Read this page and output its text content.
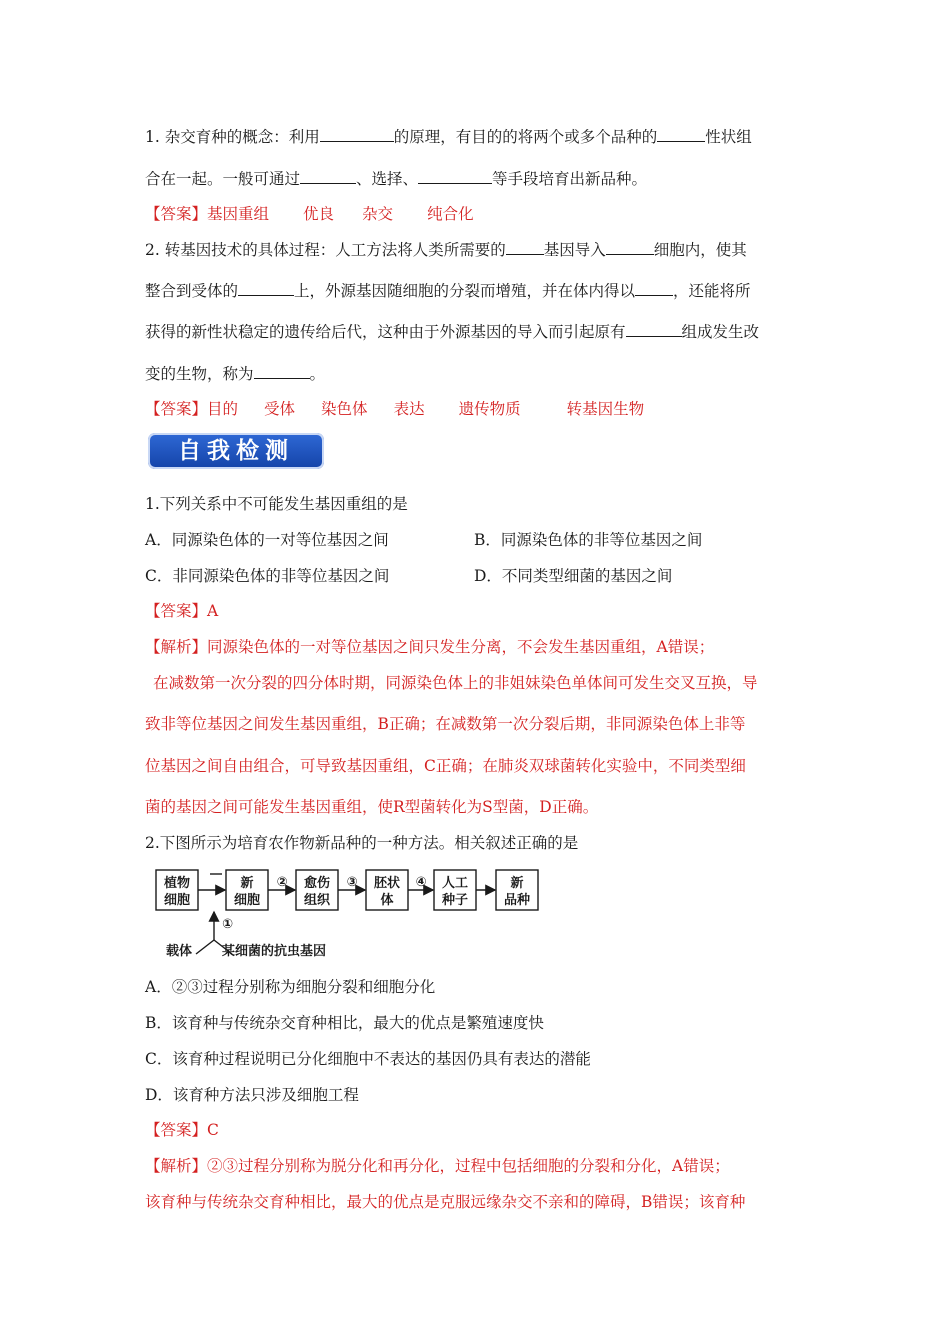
1. 杂交育种的概念：利用	的原理，有目的的将两个或多个品种的	性状组
合在一起。一般可通过	、选择、	等手段培育出新品种。
【答案】基因重组 优良 杂交 纯合化
2. 转基因技术的具体过程：人工方法将人类所需要的 基因导入	细胞内，使其
整合到受体的	上，外源基因随细胞的分裂而增殖，并在体内得以 ，还能将所
获得的新性状稳定的遗传给后代，这种由于外源基因的导入而引起原有	组成发生改
变的生物，称为	。
【答案】目的 受体 染色体 表达 遗传物质	转基因生物
自我检测
1.下列关系中不可能发生基因重组的是
A．同源染色体的一对等位基因之间	B．同源染色体的非等位基因之间
C．非同源染色体的非等位基因之间	D．不同类型细菌的基因之间
【答案】A
【解析】同源染色体的一对等位基因之间只发生分离，不会发生基因重组，A错误；
在减数第一次分裂的四分体时期，同源染色体上的非姐妹染色单体间可发生交叉互换，导
致非等位基因之间发生基因重组，B正确；在减数第一次分裂后期，非同源染色体上非等
位基因之间自由组合，可导致基因重组，C正确；在肺炎双球菌转化实验中，不同类型细
菌的基因之间可能发生基因重组，使R型菌转化为S型菌，D正确。
2.下图所示为培育农作物新品种的一种方法。相关叙述正确的是
植物
细胞
新
细胞
愈伤
组织
胚状
体
人工
种子
新
品种
②	③	④
①
载体 某细菌的抗虫基因
A．②③过程分别称为细胞分裂和细胞分化
B．该育种与传统杂交育种相比，最大的优点是繁殖速度快
C．该育种过程说明已分化细胞中不表达的基因仍具有表达的潜能
D．该育种方法只涉及细胞工程
【答案】C
【解析】②③过程分别称为脱分化和再分化，过程中包括细胞的分裂和分化，A错误；
该育种与传统杂交育种相比，最大的优点是克服远缘杂交不亲和的障碍，B错误；该育种
